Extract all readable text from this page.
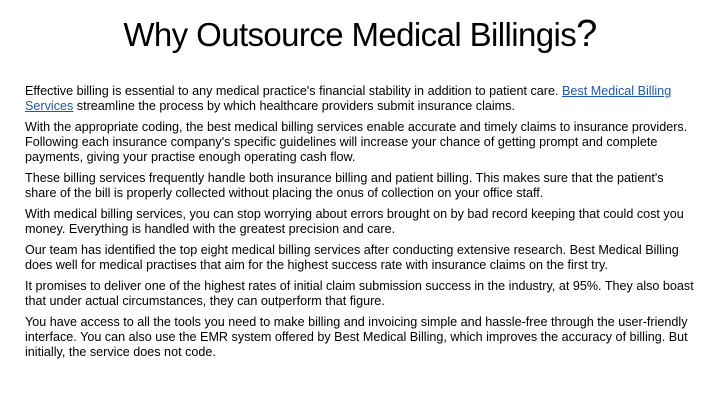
Why Outsource Medical Billingis?

Effective billing is essential to any medical practice's financial stability in addition to patient care. Best Medical Billing Services streamline the process by which healthcare providers submit insurance claims.

With the appropriate coding, the best medical billing services enable accurate and timely claims to insurance providers. Following each insurance company's specific guidelines will increase your chance of getting prompt and complete payments, giving your practise enough operating cash flow.

These billing services frequently handle both insurance billing and patient billing. This makes sure that the patient's share of the bill is properly collected without placing the onus of collection on your office staff.

With medical billing services, you can stop worrying about errors brought on by bad record keeping that could cost you money. Everything is handled with the greatest precision and care.

Our team has identified the top eight medical billing services after conducting extensive research. Best Medical Billing does well for medical practises that aim for the highest success rate with insurance claims on the first try.

It promises to deliver one of the highest rates of initial claim submission success in the industry, at 95%. They also boast that under actual circumstances, they can outperform that figure.

You have access to all the tools you need to make billing and invoicing simple and hassle-free through the user-friendly interface. You can also use the EMR system offered by Best Medical Billing, which improves the accuracy of billing. But initially, the service does not code.
